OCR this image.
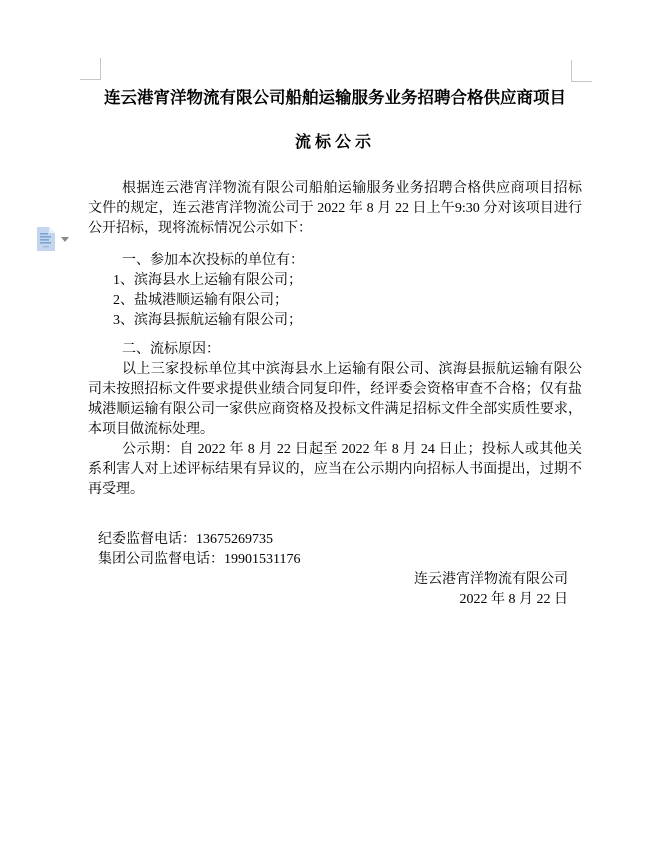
连云港宵洋物流有限公司船舶运输服务业务招聘合格供应商项目
流标公示

根据连云港宵洋物流有限公司船舶运输服务业务招聘合格供应商项目招标文件的规定，连云港宵洋物流公司于 2022 年 8 月 22 日上午9:30 分对该项目进行公开招标，现将流标情况公示如下：

一、参加本次投标的单位有：

1、滨海县水上运输有限公司；

2、盐城港顺运输有限公司；

3、滨海县振航运输有限公司；

二、流标原因：

以上三家投标单位其中滨海县水上运输有限公司、滨海县振航运输有限公司未按照招标文件要求提供业绩合同复印件，经评委会资格审查不合格；仅有盐城港顺运输有限公司一家供应商资格及投标文件满足招标文件全部实质性要求，本项目做流标处理。

公示期：自 2022 年 8 月 22 日起至 2022 年 8 月 24 日止；投标人或其他关系利害人对上述评标结果有异议的，应当在公示期内向招标人书面提出，过期不再受理。

纪委监督电话：13675269735

集团公司监督电话：19901531176

连云港宵洋物流有限公司

2022 年 8 月 22 日
